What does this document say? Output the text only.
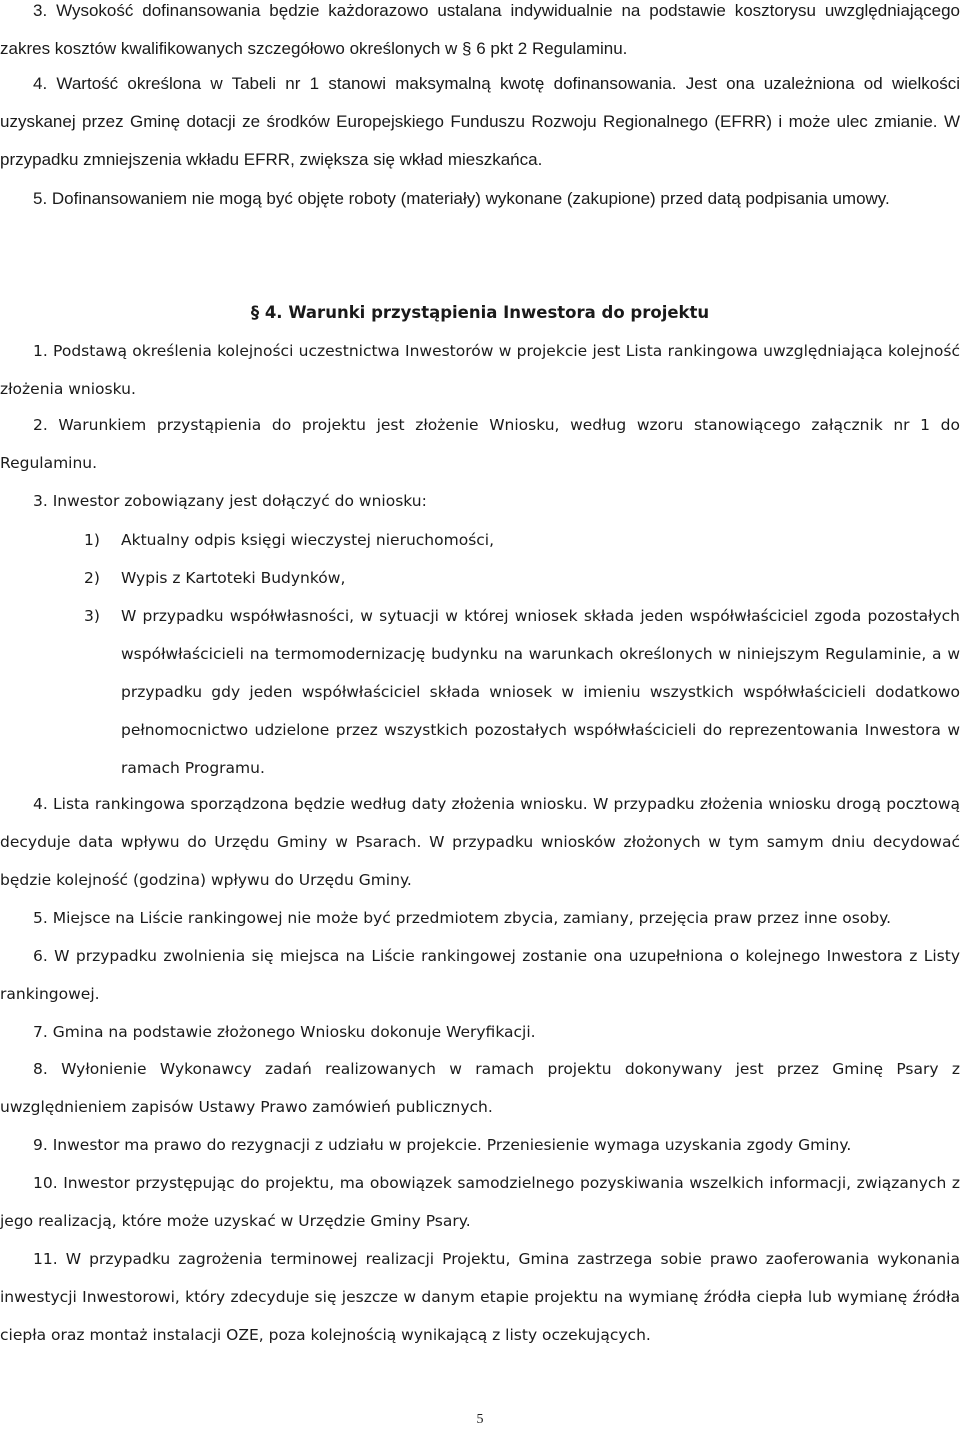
3. Wysokość dofinansowania będzie każdorazowo ustalana indywidualnie na podstawie kosztorysu uwzględniającego zakres kosztów kwalifikowanych szczegółowo określonych w § 6 pkt 2 Regulaminu.

4. Wartość określona w Tabeli nr 1 stanowi maksymalną kwotę dofinansowania. Jest ona uzależniona od wielkości uzyskanej przez Gminę dotacji ze środków Europejskiego Funduszu Rozwoju Regionalnego (EFRR) i może ulec zmianie. W przypadku zmniejszenia wkładu EFRR, zwiększa się wkład mieszkańca.

5. Dofinansowaniem nie mogą być objęte roboty (materiały) wykonane (zakupione) przed datą podpisania umowy.

§ 4. Warunki przystąpienia Inwestora do projektu

1. Podstawą określenia kolejności uczestnictwa Inwestorów w projekcie jest Lista rankingowa uwzględniająca kolejność złożenia wniosku.

2. Warunkiem przystąpienia do projektu jest złożenie Wniosku, według wzoru stanowiącego załącznik nr 1 do Regulaminu.

3. Inwestor zobowiązany jest dołączyć do wniosku:

1) Aktualny odpis księgi wieczystej nieruchomości,
2) Wypis z Kartoteki Budynków,
3) W przypadku współwłasności, w sytuacji w której wniosek składa jeden współwłaściciel zgoda pozostałych współwłaścicieli na termomodernizację budynku na warunkach określonych w niniejszym Regulaminie, a w przypadku gdy jeden współwłaściciel składa wniosek w imieniu wszystkich współwłaścicieli dodatkowo pełnomocnictwo udzielone przez wszystkich pozostałych współwłaścicieli do reprezentowania Inwestora w ramach Programu.

4. Lista rankingowa sporządzona będzie według daty złożenia wniosku. W przypadku złożenia wniosku drogą pocztową decyduje data wpływu do Urzędu Gminy w Psarach. W przypadku wniosków złożonych w tym samym dniu decydować będzie kolejność (godzina) wpływu do Urzędu Gminy.

5. Miejsce na Liście rankingowej nie może być przedmiotem zbycia, zamiany, przejęcia praw przez inne osoby.

6. W przypadku zwolnienia się miejsca na Liście rankingowej zostanie ona uzupełniona o kolejnego Inwestora z Listy rankingowej.

7. Gmina na podstawie złożonego Wniosku dokonuje Weryfikacji.

8. Wyłonienie Wykonawcy zadań realizowanych w ramach projektu dokonywany jest przez Gminę Psary z uwzględnieniem zapisów Ustawy Prawo zamówień publicznych.

9. Inwestor ma prawo do rezygnacji z udziału w projekcie. Przeniesienie wymaga uzyskania zgody Gminy.

10. Inwestor przystępując do projektu, ma obowiązek samodzielnego pozyskiwania wszelkich informacji, związanych z jego realizacją, które może uzyskać w Urzędzie Gminy Psary.

11. W przypadku zagrożenia terminowej realizacji Projektu, Gmina zastrzega sobie prawo zaoferowania wykonania inwestycji Inwestorowi, który zdecyduje się jeszcze w danym etapie projektu na wymianę źródła ciepła lub wymianę źródła ciepła oraz montaż instalacji OZE, poza kolejnością wynikającą z listy oczekujących.

5
